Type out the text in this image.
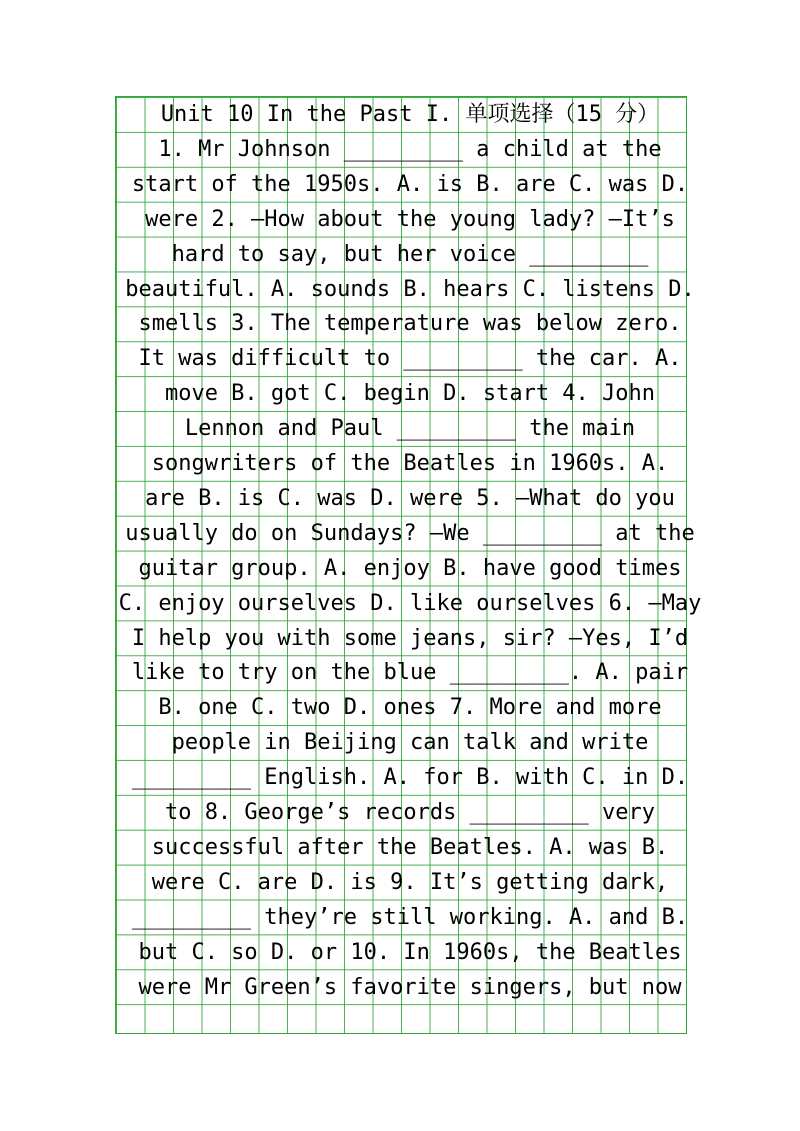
Unit 10 In the Past I. 单项选择（15 分）
1. Mr Johnson _________ a child at the
start of the 1950s. A. is B. are C. was D.
were 2. —How about the young lady? —It’s
hard to say, but her voice _________
beautiful. A. sounds B. hears C. listens D.
smells 3. The temperature was below zero.
It was difficult to _________ the car. A.
move B. got C. begin D. start 4. John
Lennon and Paul _________ the main
songwriters of the Beatles in 1960s. A.
are B. is C. was D. were 5. —What do you
usually do on Sundays? —We _________ at the
guitar group. A. enjoy B. have good times
C. enjoy ourselves D. like ourselves 6. —May
I help you with some jeans, sir? —Yes, I’d
like to try on the blue _________. A. pair
B. one C. two D. ones 7. More and more
people in Beijing can talk and write
_________ English. A. for B. with C. in D.
to 8. George’s records _________ very
successful after the Beatles. A. was B.
were C. are D. is 9. It’s getting dark,
_________ they’re still working. A. and B.
but C. so D. or 10. In 1960s, the Beatles
were Mr Green’s favorite singers, but now
